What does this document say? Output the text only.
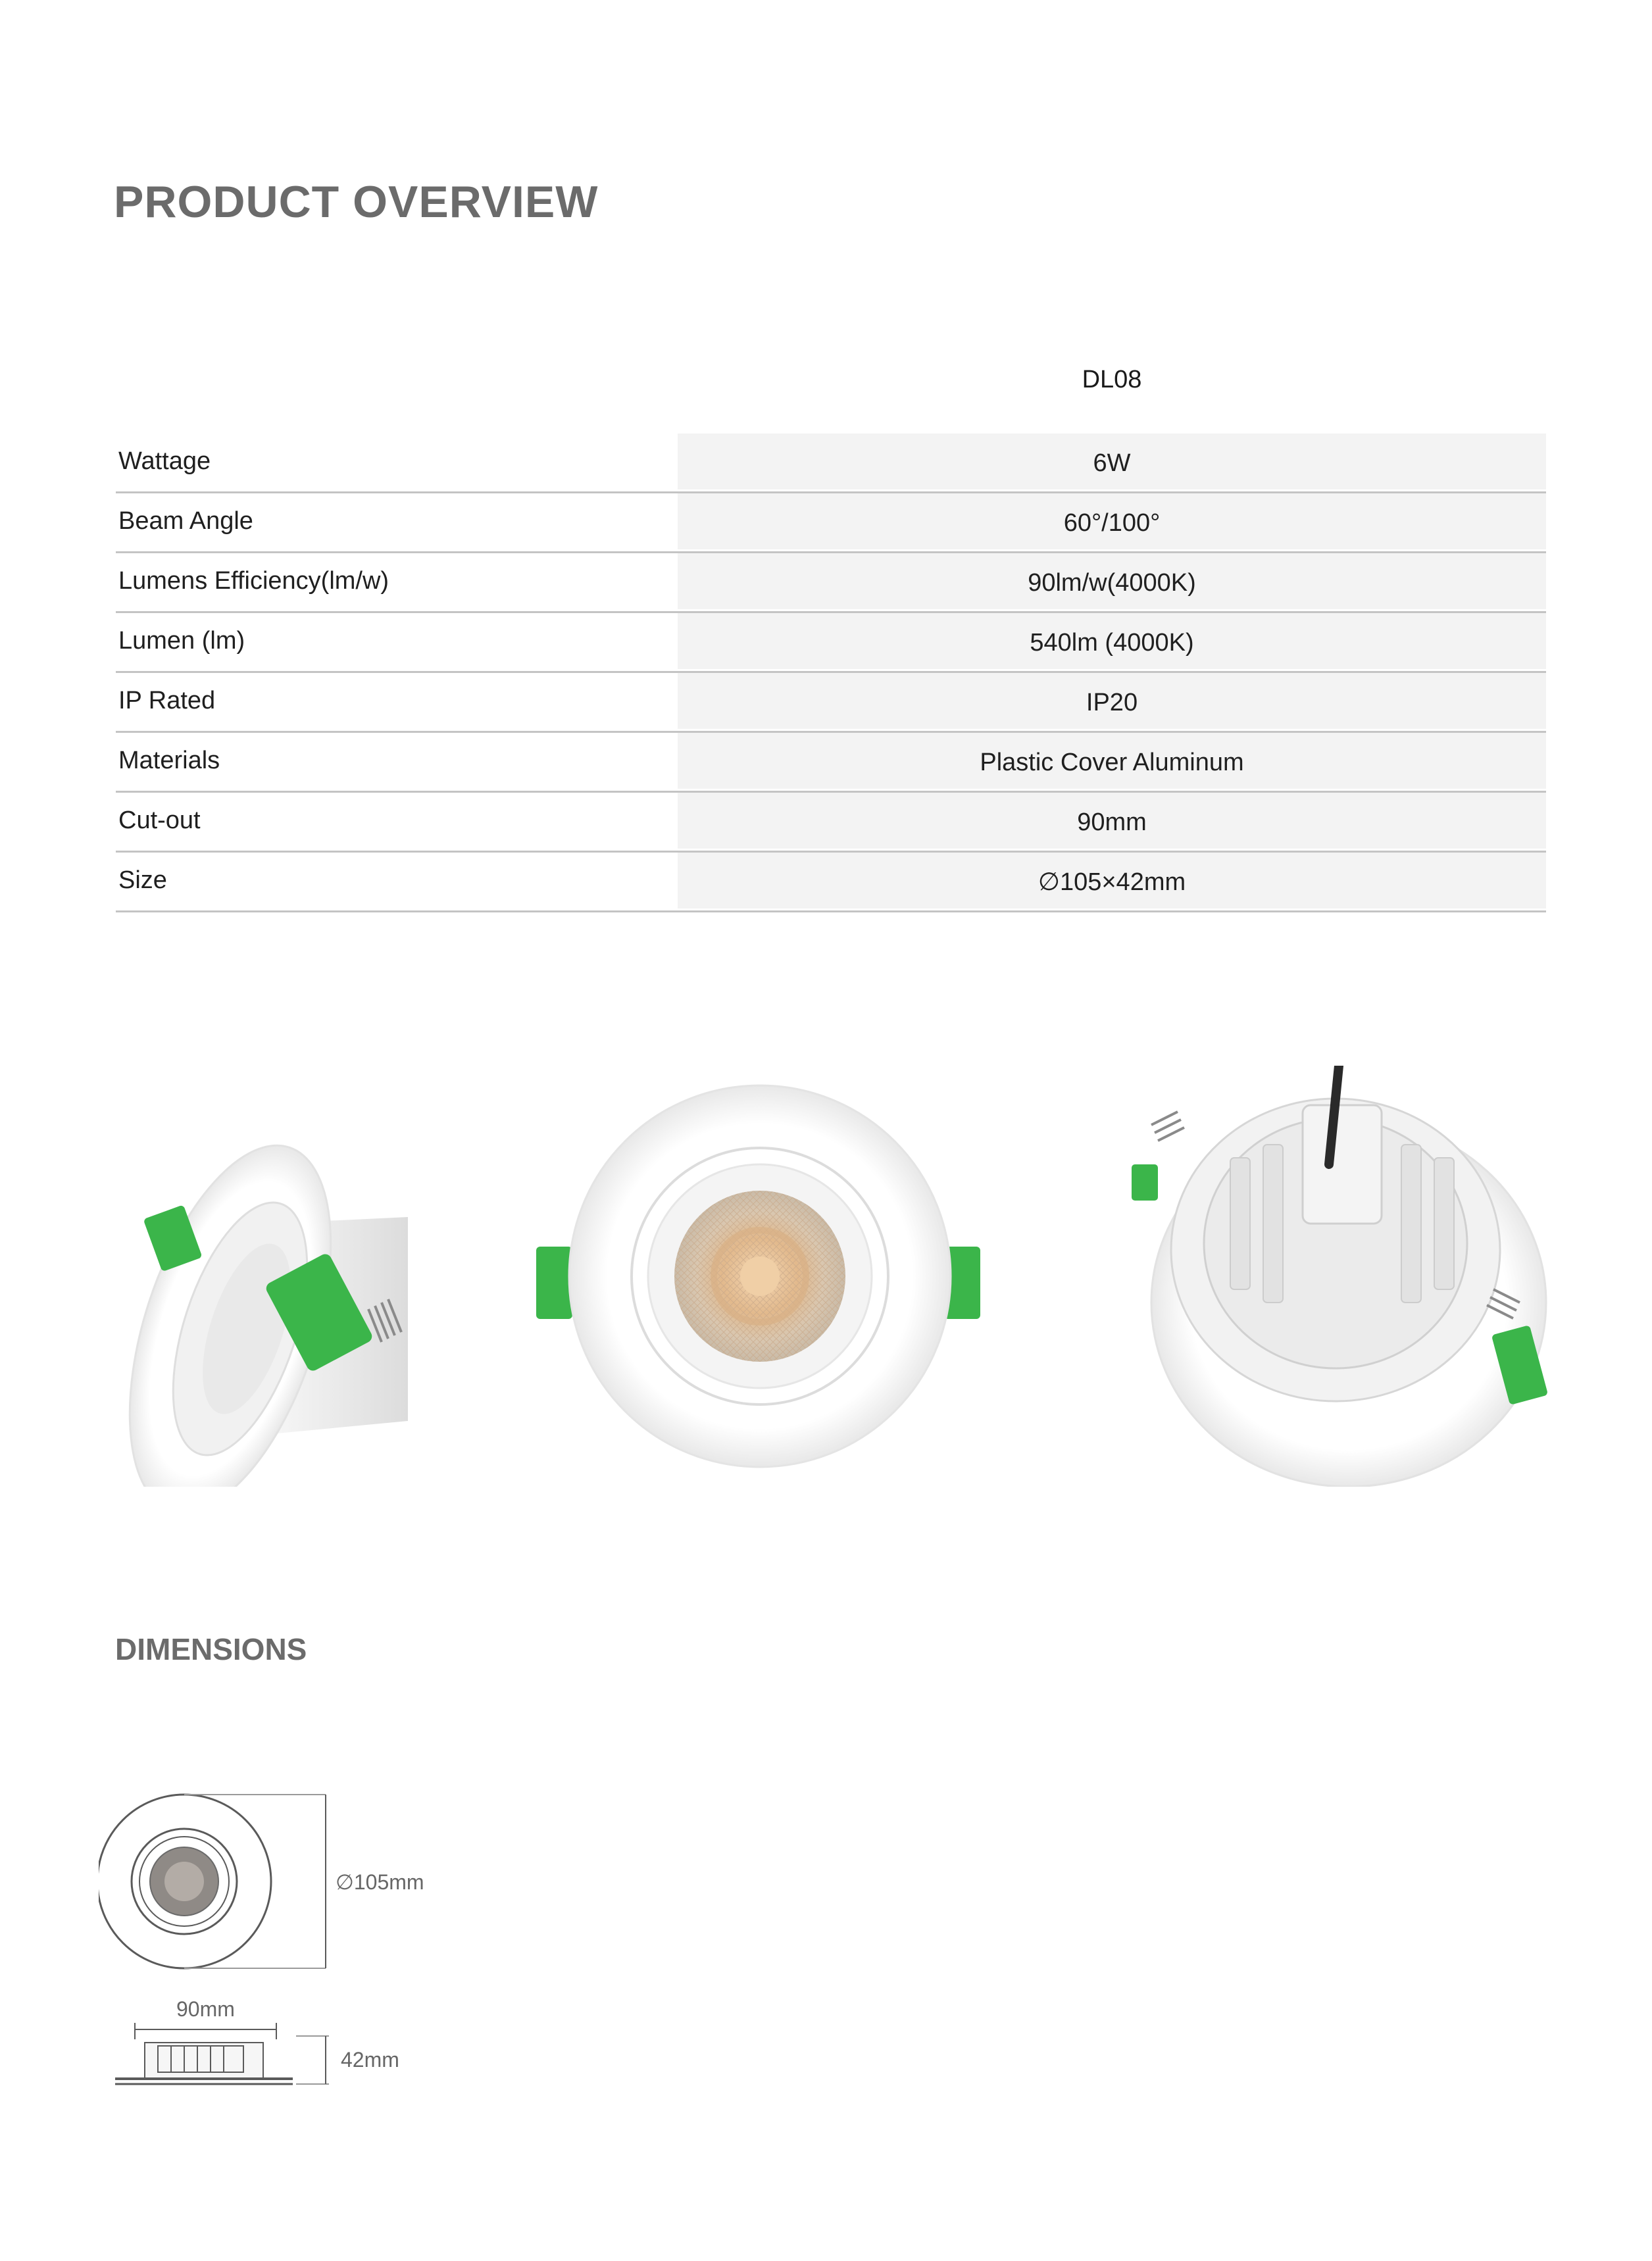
PRODUCT OVERVIEW
DL08
Wattage	6W
Beam Angle	60°/100°
Lumens Efficiency(lm/w)	90lm/w(4000K)
Lumen (lm)	540lm (4000K)
IP Rated	IP20
Materials	Plastic Cover Aluminum
Cut-out	90mm
Size	∅105×42mm
DIMENSIONS
∅105mm
90mm
42mm
